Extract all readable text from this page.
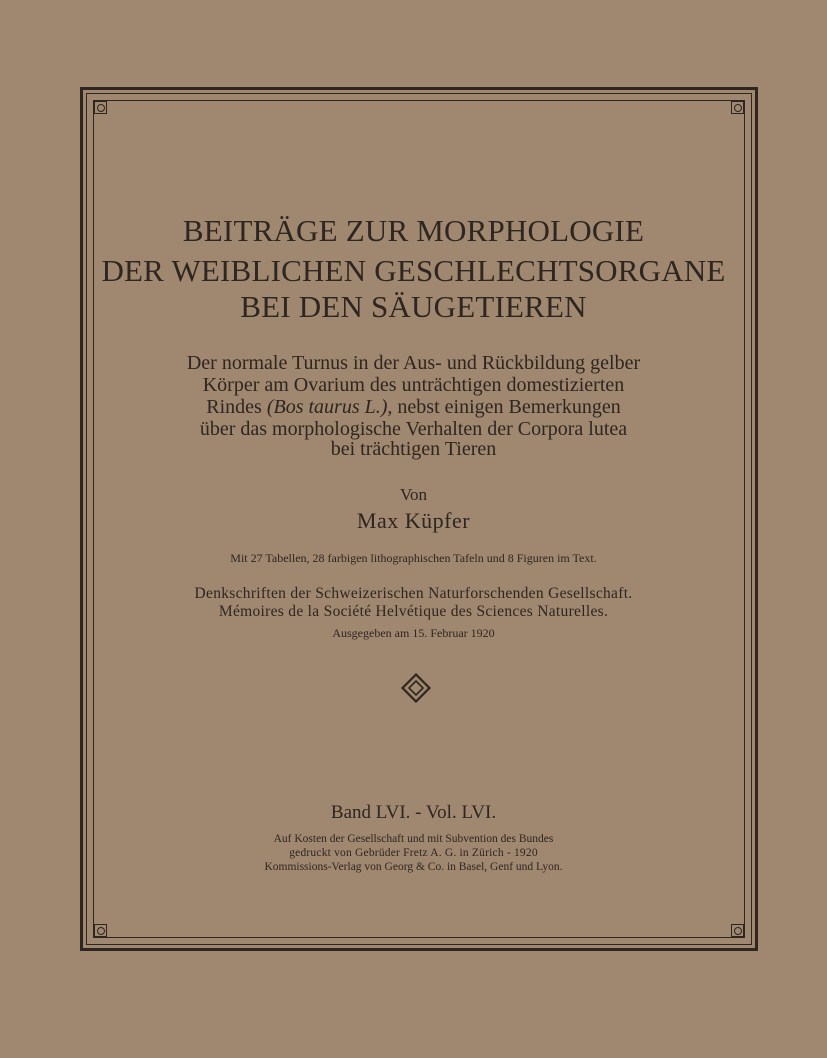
BEITRÄGE ZUR MORPHOLOGIE
DER WEIBLICHEN GESCHLECHTSORGANE
BEI DEN SÄUGETIEREN
Der normale Turnus in der Aus- und Rückbildung gelber
Körper am Ovarium des unträchtigen domestizierten
Rindes (Bos taurus L.), nebst einigen Bemerkungen
über das morphologische Verhalten der Corpora lutea
bei trächtigen Tieren
Von
Max Küpfer
Mit 27 Tabellen, 28 farbigen lithographischen Tafeln und 8 Figuren im Text.
Denkschriften der Schweizerischen Naturforschenden Gesellschaft.
Mémoires de la Société Helvétique des Sciences Naturelles.
Ausgegeben am 15. Februar 1920
Band LVI. - Vol. LVI.
Auf Kosten der Gesellschaft und mit Subvention des Bundes
gedruckt von Gebrüder Fretz A. G. in Zürich - 1920
Kommissions-Verlag von Georg & Co. in Basel, Genf und Lyon.
